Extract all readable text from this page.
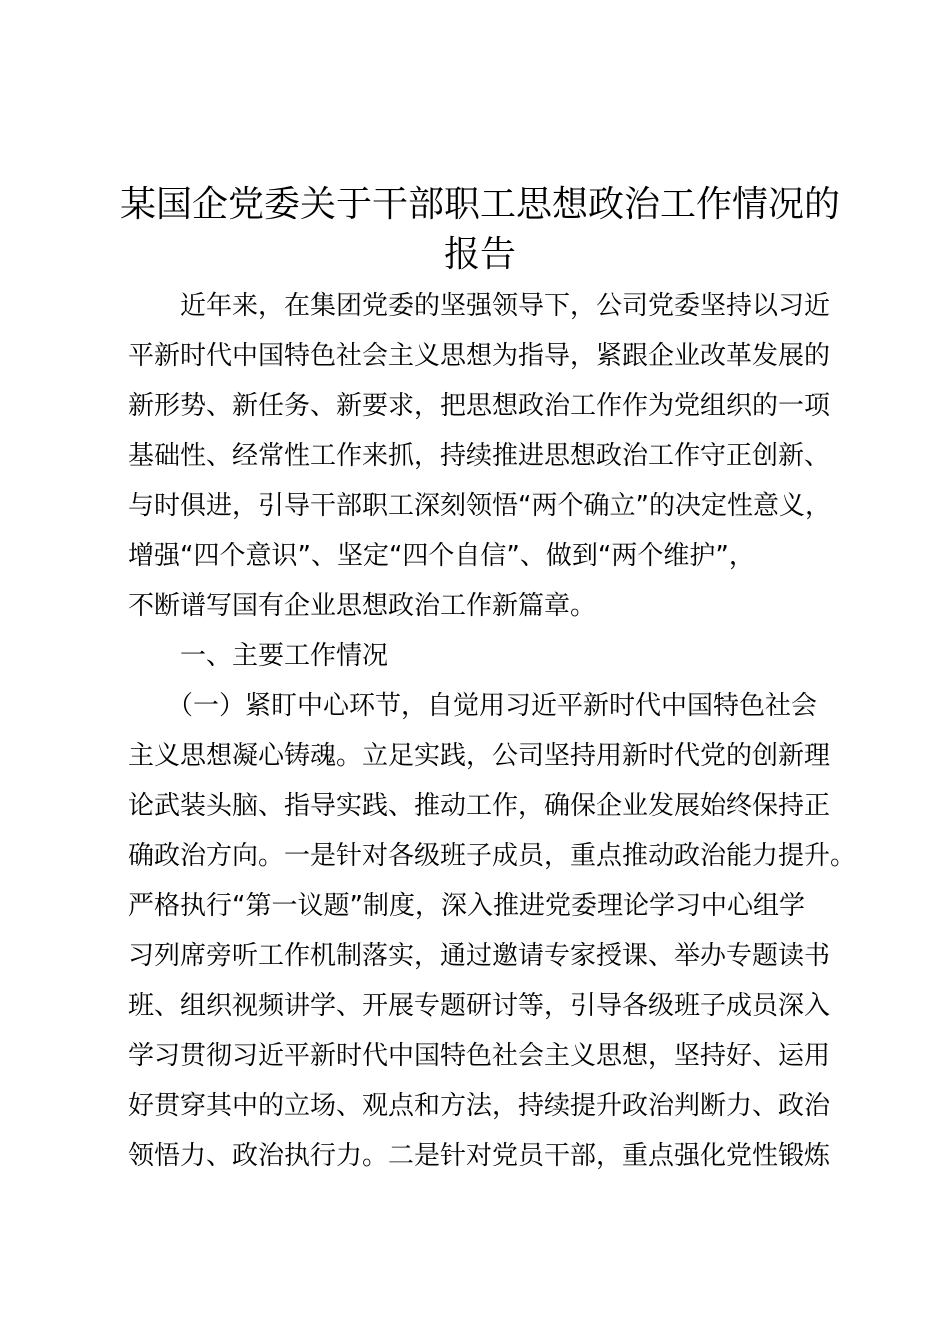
某国企党委关于干部职工思想政治工作情况的
报告

　　近年来，在集团党委的坚强领导下，公司党委坚持以习近

平新时代中国特色社会主义思想为指导，紧跟企业改革发展的

新形势、新任务、新要求，把思想政治工作作为党组织的一项

基础性、经常性工作来抓，持续推进思想政治工作守正创新、

与时俱进，引导干部职工深刻领悟“两个确立”的决定性意义，

增强“四个意识”、坚定“四个自信”、做到“两个维护”，

不断谱写国有企业思想政治工作新篇章。

　　一、主要工作情况

　　（一）紧盯中心环节，自觉用习近平新时代中国特色社会

主义思想凝心铸魂。立足实践，公司坚持用新时代党的创新理

论武装头脑、指导实践、推动工作，确保企业发展始终保持正

确政治方向。一是针对各级班子成员，重点推动政治能力提升。

严格执行“第一议题”制度，深入推进党委理论学习中心组学

习列席旁听工作机制落实，通过邀请专家授课、举办专题读书

班、组织视频讲学、开展专题研讨等，引导各级班子成员深入

学习贯彻习近平新时代中国特色社会主义思想，坚持好、运用

好贯穿其中的立场、观点和方法，持续提升政治判断力、政治

领悟力、政治执行力。二是针对党员干部，重点强化党性锻炼
